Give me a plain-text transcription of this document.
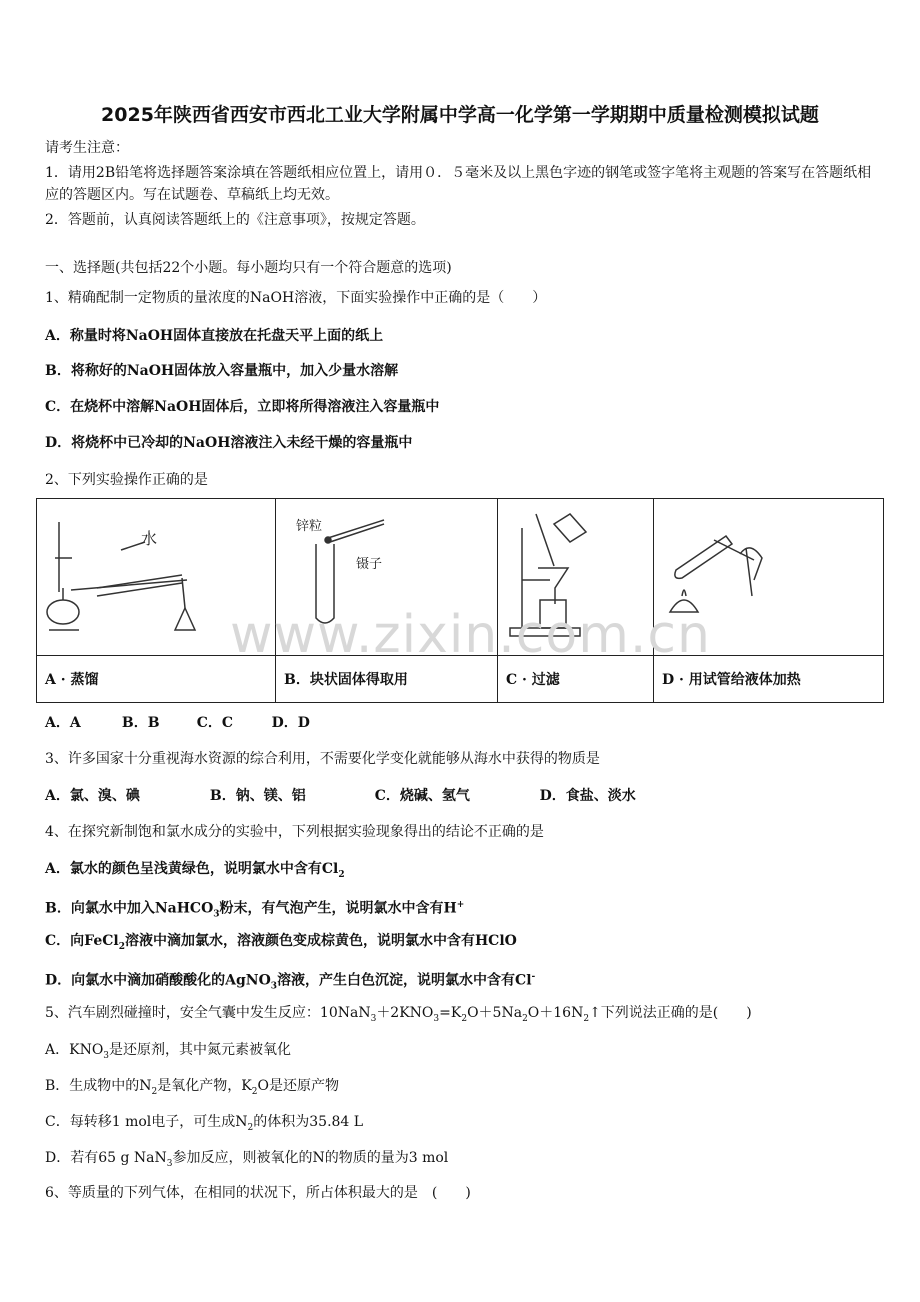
2025年陕西省西安市西北工业大学附属中学高一化学第一学期期中质量检测模拟试题
请考生注意：
1．请用2B铅笔将选择题答案涂填在答题纸相应位置上，请用０．５毫米及以上黑色字迹的钢笔或签字笔将主观题的答案写在答题纸相应的答题区内。写在试题卷、草稿纸上均无效。
2．答题前，认真阅读答题纸上的《注意事项》，按规定答题。
一、选择题(共包括22个小题。每小题均只有一个符合题意的选项)
1、精确配制一定物质的量浓度的NaOH溶液，下面实验操作中正确的是（　　）
A．称量时将NaOH固体直接放在托盘天平上面的纸上
B．将称好的NaOH固体放入容量瓶中，加入少量水溶解
C．在烧杯中溶解NaOH固体后，立即将所得溶液注入容量瓶中
D．将烧杯中已冷却的NaOH溶液注入未经干燥的容量瓶中
2、下列实验操作正确的是
水	锌粒
镊子

A · 蒸馏	B．块状固体得取用	C · 过滤	D · 用试管给液体加热
www.zixin.com.cn
A．A	B．B	C．C	D．D
3、许多国家十分重视海水资源的综合利用，不需要化学变化就能够从海水中获得的物质是
A．氯、溴、碘	B．钠、镁、铝	C．烧碱、氢气	D．食盐、淡水
4、在探究新制饱和氯水成分的实验中，下列根据实验现象得出的结论不正确的是
A．氯水的颜色呈浅黄绿色，说明氯水中含有$Cl_2$
B．向氯水中加入NaHCO$_3$粉末，有气泡产生，说明氯水中含有H+
C．向FeCl$_2$溶液中滴加氯水，溶液颜色变成棕黄色，说明氯水中含有HClO
D．向氯水中滴加硝酸酸化的AgNO$_3$溶液，产生白色沉淀，说明氯水中含有Cl-
5、汽车剧烈碰撞时，安全气囊中发生反应：$10NaN_3+2KNO_3=K_2O+5Na_2O+16N_2↑$下列说法正确的是(　　)
A．$KNO_3$是还原剂，其中氮元素被氧化
B．生成物中的$N_2$是氧化产物，$K_2O$是还原产物
C．每转移1 mol电子，可生成$N_2$的体积为35.84 L
D．若有65 g NaN$_3$参加反应，则被氧化的N的物质的量为3 mol
6、等质量的下列气体，在相同的状况下，所占体积最大的是　(　　)
